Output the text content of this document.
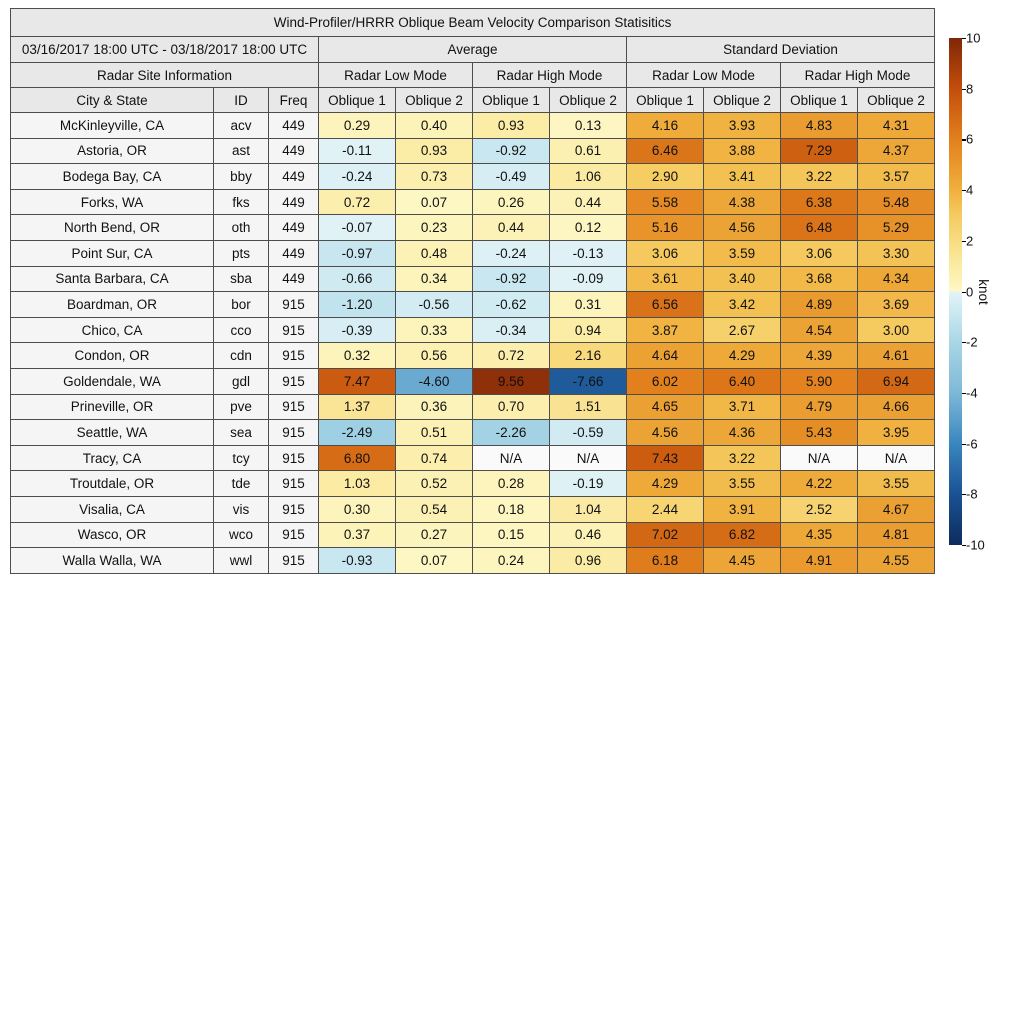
Wind-Profiler/HRRR Oblique Beam Velocity Comparison Statisitics										
03/16/2017 18:00 UTC - 03/18/2017 18:00 UTC			Average				Standard Deviation			
Radar Site Information			Radar Low Mode		Radar High Mode		Radar Low Mode		Radar High Mode	
City & State	ID	Freq	Oblique 1	Oblique 2	Oblique 1	Oblique 2	Oblique 1	Oblique 2	Oblique 1	Oblique 2
McKinleyville, CA	acv	449	0.29	0.40	0.93	0.13	4.16	3.93	4.83	4.31
Astoria, OR	ast	449	-0.11	0.93	-0.92	0.61	6.46	3.88	7.29	4.37
Bodega Bay, CA	bby	449	-0.24	0.73	-0.49	1.06	2.90	3.41	3.22	3.57
Forks, WA	fks	449	0.72	0.07	0.26	0.44	5.58	4.38	6.38	5.48
North Bend, OR	oth	449	-0.07	0.23	0.44	0.12	5.16	4.56	6.48	5.29
Point Sur, CA	pts	449	-0.97	0.48	-0.24	-0.13	3.06	3.59	3.06	3.30
Santa Barbara, CA	sba	449	-0.66	0.34	-0.92	-0.09	3.61	3.40	3.68	4.34
Boardman, OR	bor	915	-1.20	-0.56	-0.62	0.31	6.56	3.42	4.89	3.69
Chico, CA	cco	915	-0.39	0.33	-0.34	0.94	3.87	2.67	4.54	3.00
Condon, OR	cdn	915	0.32	0.56	0.72	2.16	4.64	4.29	4.39	4.61
Goldendale, WA	gdl	915	7.47	-4.60	9.56	-7.66	6.02	6.40	5.90	6.94
Prineville, OR	pve	915	1.37	0.36	0.70	1.51	4.65	3.71	4.79	4.66
Seattle, WA	sea	915	-2.49	0.51	-2.26	-0.59	4.56	4.36	5.43	3.95
Tracy, CA	tcy	915	6.80	0.74	N/A	N/A	7.43	3.22	N/A	N/A
Troutdale, OR	tde	915	1.03	0.52	0.28	-0.19	4.29	3.55	4.22	3.55
Visalia, CA	vis	915	0.30	0.54	0.18	1.04	2.44	3.91	2.52	4.67
Wasco, OR	wco	915	0.37	0.27	0.15	0.46	7.02	6.82	4.35	4.81
Walla Walla, WA	wwl	915	-0.93	0.07	0.24	0.96	6.18	4.45	4.91	4.55
10
8
6
4
2
0
-2
-4
-6
-8
-10
knot
